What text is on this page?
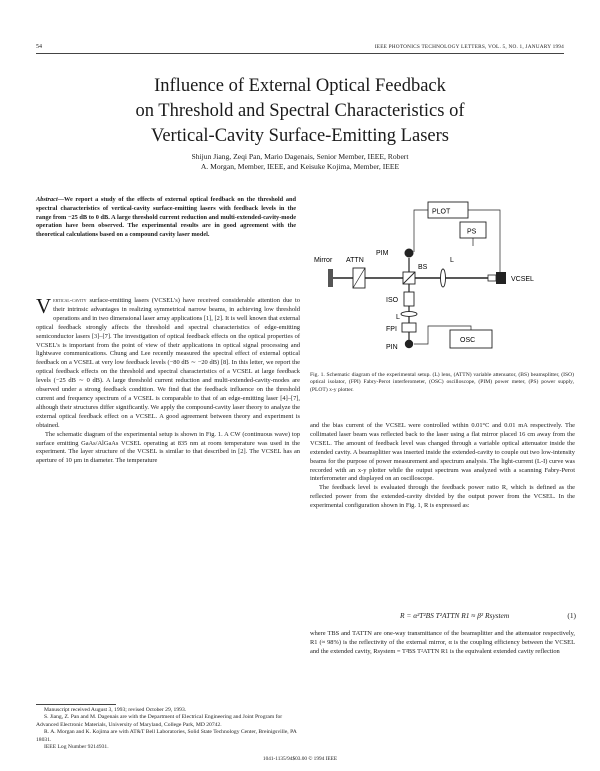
54	IEEE PHOTONICS TECHNOLOGY LETTERS, VOL. 5, NO. 1, JANUARY 1994
Influence of External Optical Feedback
on Threshold and Spectral Characteristics of
Vertical-Cavity Surface-Emitting Lasers
Shijun Jiang, Zeqi Pan, Mario Dagenais, Senior Member, IEEE, Robert
A. Morgan, Member, IEEE, and Keisuke Kojima, Member, IEEE
Abstract—We report a study of the effects of external optical feedback on the threshold and spectral characteristics of vertical-cavity surface-emitting lasers with feedback levels in the range from −25 dB to 0 dB. A large threshold current reduction and multi-extended-cavity-mode operation have been observed. The experimental results are in good agreement with the theoretical calculations based on a compound cavity laser model.

Vertical-cavity surface-emitting lasers (VCSEL's) have received considerable attention due to their intrinsic advantages in realizing symmetrical narrow beams, in achieving low threshold operations and in two dimensional laser array applications [1], [2]. It is well known that external optical feedback strongly affects the threshold and spectral characteristics of edge-emitting semiconductor lasers [3]–[7]. The investigation of optical feedback effects on the optical properties of VCSEL's is important from the point of view of their applications in optical signal processing and lightwave communications. Chung and Lee recently measured the spectral effect of external optical feedback on a VCSEL at very low feedback levels (−80 dB ∼ −20 dB) [8]. In this letter, we report the optical feedback effects on the threshold and spectral characteristics of a VCSEL at large feedback levels (−25 dB ∼ 0 dB). A large threshold current reduction and multi-extended-cavity-modes are observed under a strong feedback condition. We find that the feedback influence on the threshold current and frequency spectrum of a VCSEL is comparable to that of an edge-emitting laser [4]–[7], although their structures differ significantly. We apply the compound-cavity laser theory to analyze the external optical feedback effect on a VCSEL. A good agreement between theory and experiment is obtained.

The schematic diagram of the experimental setup is shown in Fig. 1. A CW (continuous wave) top surface emitting GaAs/AlGaAs VCSEL operating at 835 nm at room temperature was used in the experiment. The layer structure of the VCSEL is similar to that described in [2]. The VCSEL has an aperture of 10 µm in diameter. The temperature

Manuscript received August 3, 1993; revised October 29, 1993.

S. Jiang, Z. Pan and M. Dagenais are with the Department of Electrical Engineering and Joint Program for Advanced Electronic Materials, University of Maryland, College Park, MD 20742.

R. A. Morgan and K. Kojima are with AT&T Bell Laboratories, Solid State Technology Center, Breinigsville, PA 18031.

IEEE Log Number 9214931.

PLOT
PS
PIM
Mirror ATTN
BS
L
VCSEL
ISO
L
FPI
PIN
OSC
Fig. 1. Schematic diagram of the experimental setup. (L) lens, (ATTN) variable attenuator, (BS) beamsplitter, (ISO) optical isolator, (FPI) Fabry-Perot interferometer, (OSC) oscilloscope, (PIM) power meter, (PS) power supply, (PLOT) x-y plotter.

and the bias current of the VCSEL were controlled within 0.01°C and 0.01 mA respectively. The collimated laser beam was reflected back to the laser using a flat mirror placed 16 cm away from the VCSEL. The amount of feedback level was changed through a variable optical attenuator inside the extended cavity. A beamsplitter was inserted inside the extended-cavity to couple out two low-intensity beams for the purpose of power measurement and spectrum analysis. The light-current (L-I) curve was recorded with an x-y plotter while the output spectrum was analyzed with a scanning Fabry-Perot interferometer and displayed on an oscilloscope.

The feedback level is evaluated through the feedback power ratio R, which is defined as the reflected power from the extended-cavity divided by the output power from the VCSEL. In the experimental configuration shown in Fig. 1, R is expressed as:

R = α²T²BS T²ATTN R1 ≈ β² Rsystem	(1)

where TBS and TATTN are one-way transmittance of the beamsplitter and the attenuator respectively, R1 (≈ 98%) is the reflectivity of the external mirror, α is the coupling efficiency between the VCSEL and the extended cavity, Rsystem = T²BS T²ATTN R1 is the equivalent extended cavity reflection

1041-1135/94$03.00 © 1994 IEEE
